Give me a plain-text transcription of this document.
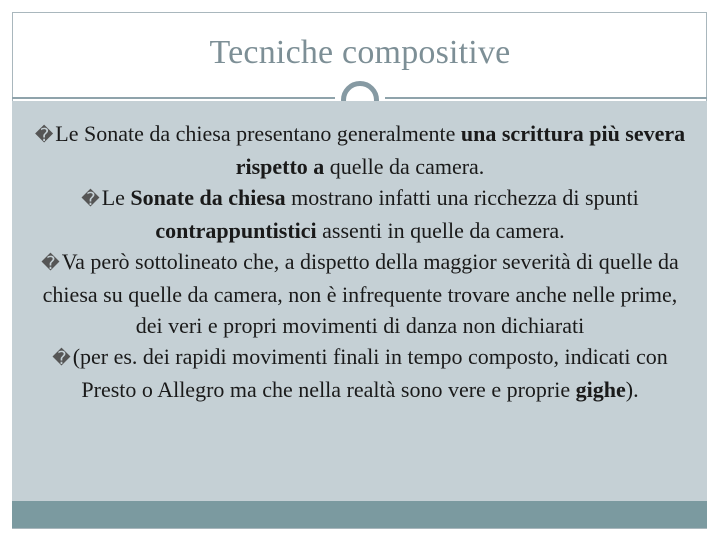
Tecniche compositive
�Le Sonate da chiesa presentano generalmente una scrittura più severa rispetto a quelle da camera.
�Le Sonate da chiesa mostrano infatti una ricchezza di spunti contrappuntistici assenti in quelle da camera.
�Va però sottolineato che, a dispetto della maggior severità di quelle da chiesa su quelle da camera, non è infrequente trovare anche nelle prime, dei veri e propri movimenti di danza non dichiarati
�(per es. dei rapidi movimenti finali in tempo composto, indicati con Presto o Allegro ma che nella realtà sono vere e proprie gighe).
